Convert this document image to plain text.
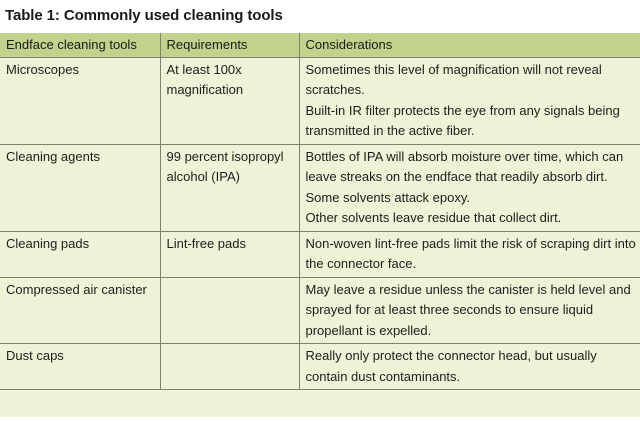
Table 1: Commonly used cleaning tools
Endface cleaning tools	Requirements	Considerations
Microscopes	At least 100x magnification	Sometimes this level of magnification will not reveal scratches.
Built-in IR filter protects the eye from any signals being transmitted in the active fiber.

Cleaning agents	99 percent isopropyl alcohol (IPA)	Bottles of IPA will absorb moisture over time, which can leave streaks on the endface that readily absorb dirt.
Some solvents attack epoxy.
Other solvents leave residue that collect dirt.

Cleaning pads	Lint-free pads	Non-woven lint-free pads limit the risk of scraping dirt into the connector face.

Compressed air canister		May leave a residue unless the canister is held level and sprayed for at least three seconds to ensure liquid propellant is expelled.

Dust caps		Really only protect the connector head, but usually contain dust contaminants.
